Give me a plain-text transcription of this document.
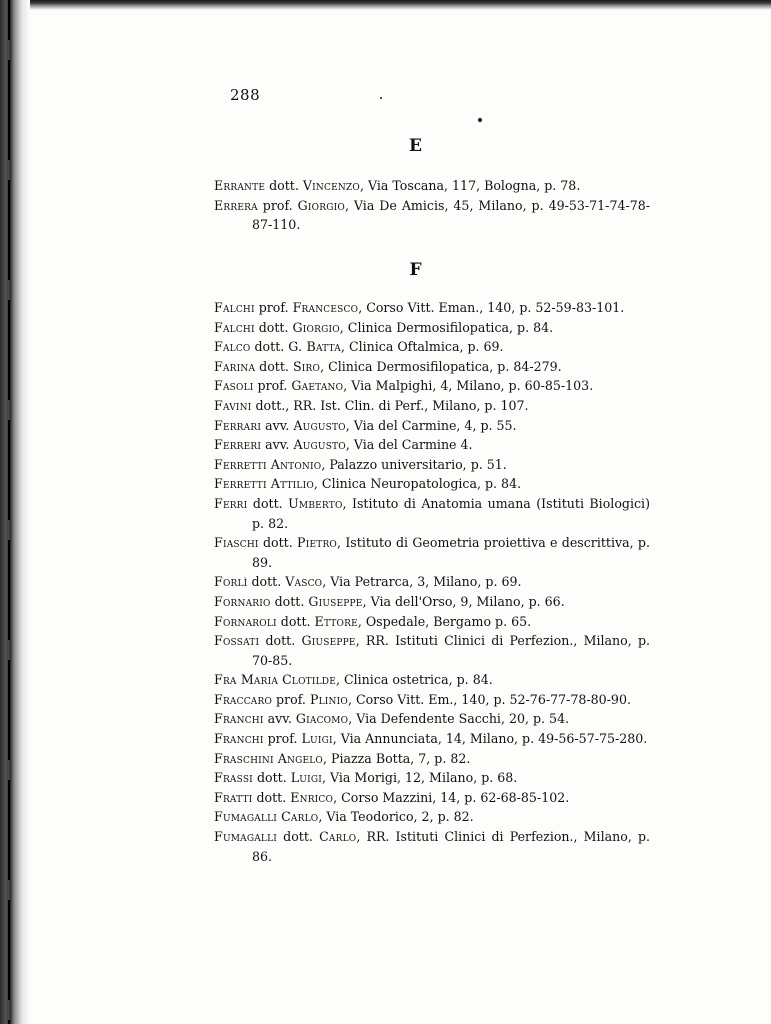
288
E

Errante dott. Vincenzo, Via Toscana, 117, Bologna, p. 78.

Errera prof. Giorgio, Via De Amicis, 45, Milano, p. 49-53-71-74-78-87-110.

F

Falchi prof. Francesco, Corso Vitt. Eman., 140, p. 52-59-83-101.

Falchi dott. Giorgio, Clinica Dermosifilopatica, p. 84.

Falco dott. G. Batta, Clinica Oftalmica, p. 69.

Farina dott. Siro, Clinica Dermosifilopatica, p. 84-279.

Fasoli prof. Gaetano, Via Malpighi, 4, Milano, p. 60-85-103.

Favini dott., RR. Ist. Clin. di Perf., Milano, p. 107.

Ferrari avv. Augusto, Via del Carmine, 4, p. 55.

Ferreri avv. Augusto, Via del Carmine 4.

Ferretti Antonio, Palazzo universitario, p. 51.

Ferretti Attilio, Clinica Neuropatologica, p. 84.

Ferri dott. Umberto, Istituto di Anatomia umana (Istituti Biologici) p. 82.

Fiaschi dott. Pietro, Istituto di Geometria proiettiva e descrittiva, p. 89.

Forlì dott. Vasco, Via Petrarca, 3, Milano, p. 69.

Fornario dott. Giuseppe, Via dell'Orso, 9, Milano, p. 66.

Fornaroli dott. Ettore, Ospedale, Bergamo p. 65.

Fossati dott. Giuseppe, RR. Istituti Clinici di Perfezion., Milano, p. 70-85.

Fra Maria Clotilde, Clinica ostetrica, p. 84.

Fraccaro prof. Plinio, Corso Vitt. Em., 140, p. 52-76-77-78-80-90.

Franchi avv. Giacomo, Via Defendente Sacchi, 20, p. 54.

Franchi prof. Luigi, Via Annunciata, 14, Milano, p. 49-56-57-75-280.

Fraschini Angelo, Piazza Botta, 7, p. 82.

Frassi dott. Luigi, Via Morigi, 12, Milano, p. 68.

Fratti dott. Enrico, Corso Mazzini, 14, p. 62-68-85-102.

Fumagalli Carlo, Via Teodorico, 2, p. 82.

Fumagalli dott. Carlo, RR. Istituti Clinici di Perfezion., Milano, p. 86.
